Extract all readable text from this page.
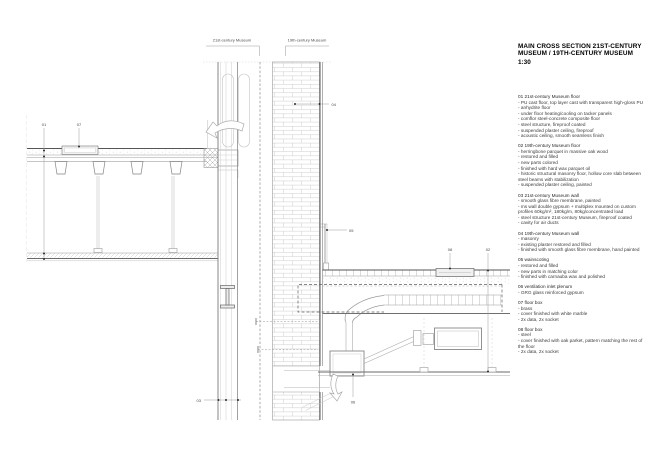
21st-century Museum	19th-century Museum
01	07
04
05
03	06
08	02
MAIN CROSS SECTION 21ST-CENTURY MUSEUM / 19TH-CENTURY MUSEUM
1:30
01 21st-century Museum floor
- PU cast floor, top layer cast with transparent high-gloss PU
- anhydrite floor
- under floor heating/cooling on tacker panels
- comflor steel-concrete composite floor
- steel structure, fireproof coated
- suspended plaster ceiling, fireproof
- acoustic ceiling, smooth seamless finish
02 19th-century Museum floor
- herringbone parquet in massive oak wood
- restored and filled
- new parts colored
- finished with hard wax parquet oil
- historic structural masonry floor, hollow core slab between steel beams with stabilization
- suspended plaster ceiling, painted
03 21st-century Museum wall
- smooth glass fibre membrane, painted
- ms wall double gypsum + multiplex mounted on custom profiles 60kg/m², 180kg/m, 80kg/concentrated load
- steel structure 21st-century Museum, fireproof coated
- cavity for air ducts
04 19th-century Museum wall
- masonry
- existing plaster restored and filled
- finished with smooth glass fibre membrane, hand painted
05 wainscoting
- restored and filled
- new parts in matching color
- finished with carnauba wax and polished
06 ventilation inlet plenum
- GRG glass reinforced gypsum
07 floor box
- brass
- cover finished with white marble
- 2x data, 2x socket
08 floor box
- steel
- cover finished with oak parket, pattern matching the rest of the floor
- 2x data, 2x socket
